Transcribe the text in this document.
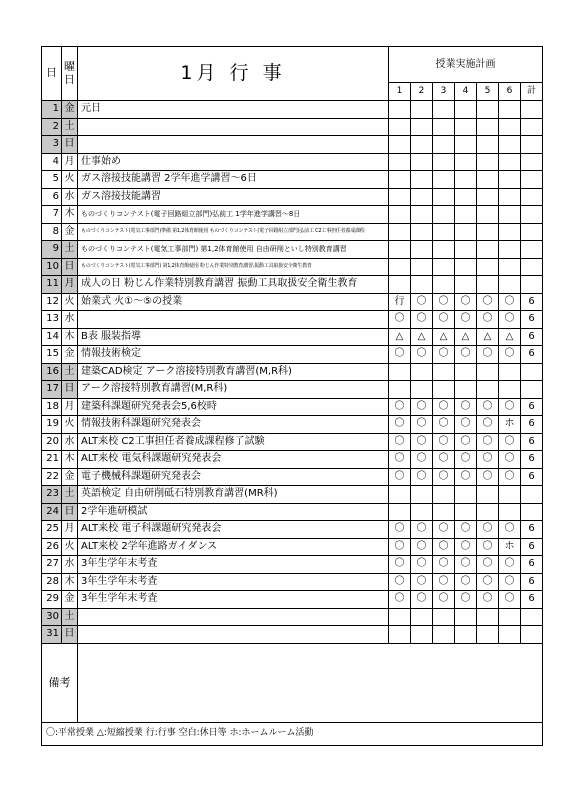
日	曜日	1月 行 事	授業実施計画						
			1	2	3	4	5	6	計
1	金	元日							
2	土								
3	日								
4	月	仕事始め							
5	火	ガス溶接技能講習 2学年進学講習～6日							
6	水	ガス溶接技能講習							
7	木	ものづくりコンテスト(電子回路組立部門)弘前工 1学年進学講習～8日							
8	金	ものづくりコンテスト(電気工事部門)準備 第1,2体育館使用 ものづくりコンテスト(電子回路組立部門)弘前工 C2工事担任者養成課程							
9	土	ものづくりコンテスト(電気工事部門) 第1,2体育館使用 自由研削といし特別教育講習							
10	日	ものづくりコンテスト(電気工事部門) 第1,2体育館使用 粉じん作業特別教育講習,振動工具取扱安全衛生教育							
11	月	成人の日 粉じん作業特別教育講習 振動工具取扱安全衛生教育							
12	火	始業式 火①～⑤の授業	行	〇	〇	〇	〇	〇	6
13	水		〇	〇	〇	〇	〇	〇	6
14	木	B表 服装指導	△	△	△	△	△	△	6
15	金	情報技術検定	〇	〇	〇	〇	〇	〇	6
16	土	建築CAD検定 アーク溶接特別教育講習(M,R科)							
17	日	アーク溶接特別教育講習(M,R科)							
18	月	建築科課題研究発表会5,6校時	〇	〇	〇	〇	〇	〇	6
19	火	情報技術科課題研究発表会	〇	〇	〇	〇	〇	ホ	6
20	水	ALT来校 C2工事担任者養成課程修了試験	〇	〇	〇	〇	〇	〇	6
21	木	ALT来校 電気科課題研究発表会	〇	〇	〇	〇	〇	〇	6
22	金	電子機械科課題研究発表会	〇	〇	〇	〇	〇	〇	6
23	土	英語検定 自由研削砥石特別教育講習(MR科)							
24	日	2学年進研模試							
25	月	ALT来校 電子科課題研究発表会	〇	〇	〇	〇	〇	〇	6
26	火	ALT来校 2学年進路ガイダンス	〇	〇	〇	〇	〇	ホ	6
27	水	3年生学年末考査	〇	〇	〇	〇	〇	〇	6
28	木	3年生学年末考査	〇	〇	〇	〇	〇	〇	6
29	金	3年生学年末考査	〇	〇	〇	〇	〇	〇	6
30	土								
31	日								
備考									
〇:平常授業 △:短縮授業 行:行事 空白:休日等 ホ:ホームルーム活動									
